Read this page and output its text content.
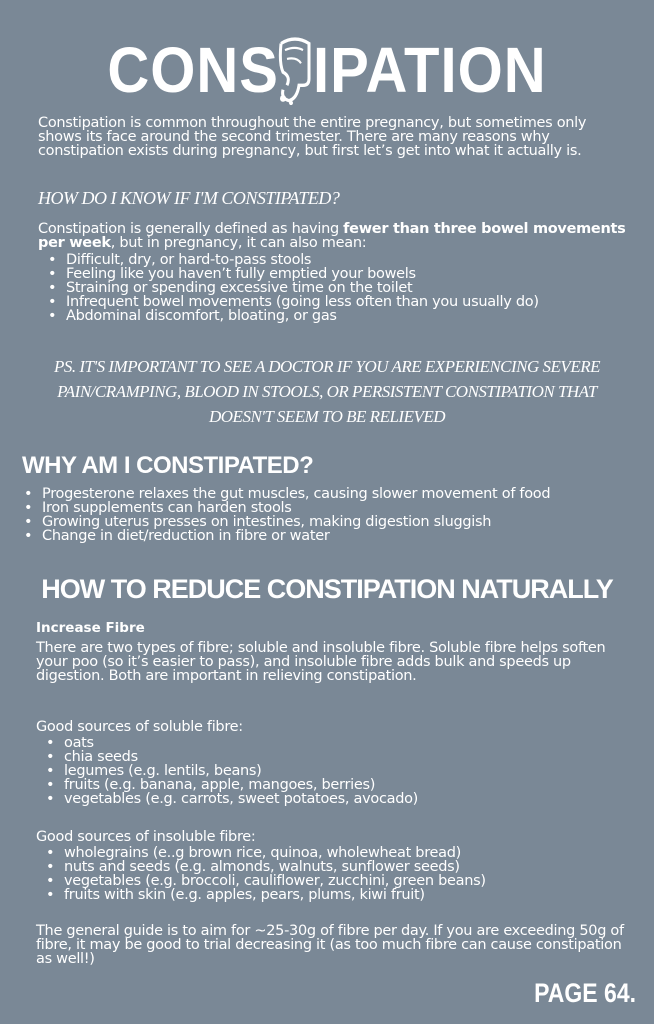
CONS IPATION
Constipation is common throughout the entire pregnancy, but sometimes only shows its face around the second trimester. There are many reasons why constipation exists during pregnancy, but first let’s get into what it actually is.
HOW DO I KNOW IF I'M CONSTIPATED?
Constipation is generally defined as having fewer than three bowel movements per week, but in pregnancy, it can also mean:
• Difficult, dry, or hard-to-pass stools
• Feeling like you haven’t fully emptied your bowels
• Straining or spending excessive time on the toilet
• Infrequent bowel movements (going less often than you usually do)
• Abdominal discomfort, bloating, or gas
PS. IT'S IMPORTANT TO SEE A DOCTOR IF YOU ARE EXPERIENCING SEVERE PAIN/CRAMPING, BLOOD IN STOOLS, OR PERSISTENT CONSTIPATION THAT DOESN'T SEEM TO BE RELIEVED
WHY AM I CONSTIPATED?
• Progesterone relaxes the gut muscles, causing slower movement of food
• Iron supplements can harden stools
• Growing uterus presses on intestines, making digestion sluggish
• Change in diet/reduction in fibre or water
HOW TO REDUCE CONSTIPATION NATURALLY
Increase Fibre
There are two types of fibre; soluble and insoluble fibre. Soluble fibre helps soften your poo (so it’s easier to pass), and insoluble fibre adds bulk and speeds up digestion. Both are important in relieving constipation.
Good sources of soluble fibre:
• oats
• chia seeds
• legumes (e.g. lentils, beans)
• fruits (e.g. banana, apple, mangoes, berries)
• vegetables (e.g. carrots, sweet potatoes, avocado)
Good sources of insoluble fibre:
• wholegrains (e..g brown rice, quinoa, wholewheat bread)
• nuts and seeds (e.g. almonds, walnuts, sunflower seeds)
• vegetables (e.g. broccoli, cauliflower, zucchini, green beans)
• fruits with skin (e.g. apples, pears, plums, kiwi fruit)
The general guide is to aim for ~25-30g of fibre per day. If you are exceeding 50g of fibre, it may be good to trial decreasing it (as too much fibre can cause constipation as well!)
PAGE 64.
